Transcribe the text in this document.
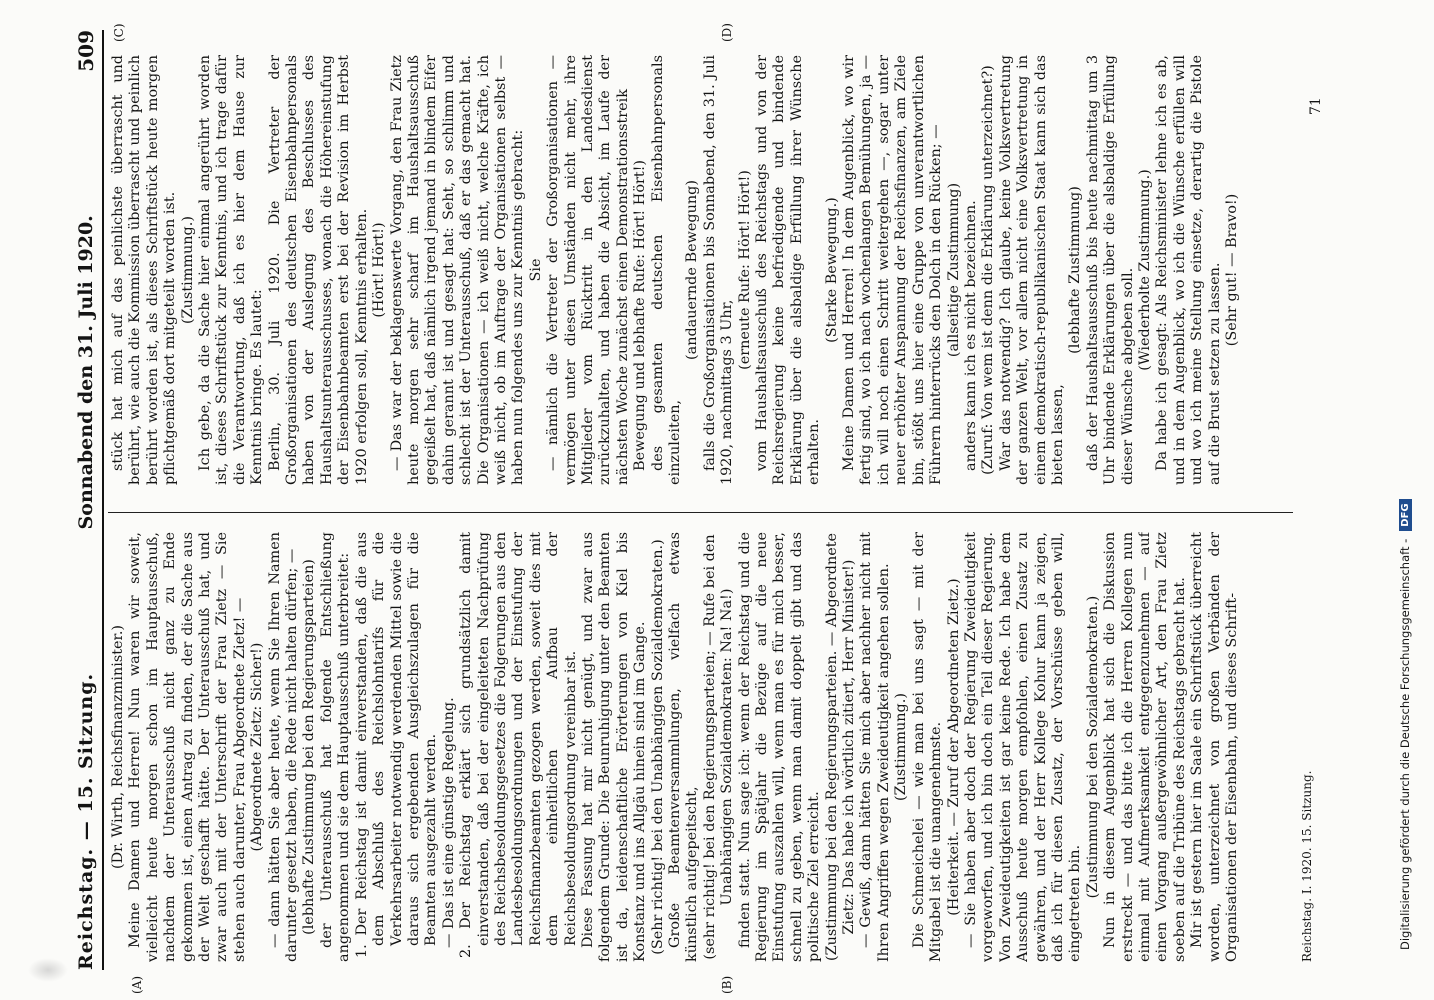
Reichstag. — 15. Sitzung.
Sonnabend den 31. Juli 1920.
509
(A)	(B)
(C)	(D)

(Dr. Wirth, Reichsfinanzminister.) Meine Damen und Herren! Nun waren wir soweit, vielleicht heute morgen schon im Hauptausschuß, nachdem der Unterausschuß nicht ganz zu Ende gekommen ist, einen Antrag zu finden, der die Sache aus der Welt geschafft hätte. Der Unterausschuß hat, und zwar auch mit der Unterschrift der Frau Zietz — Sie stehen auch darunter, Frau Abgeordnete Zietz! — (Abgeordnete Zietz: Sicher!) — dann hätten Sie aber heute, wenn Sie Ihren Namen darunter gesetzt haben, die Rede nicht halten dürfen; — (lebhafte Zustimmung bei den Regierungsparteien) der Unterausschuß hat folgende Entschließung angenommen und sie dem Hauptausschuß unterbreitet: 1. Der Reichstag ist damit einverstanden, daß die aus dem Abschluß des Reichslohntarifs für die Verkehrsarbeiter notwendig werdenden Mittel sowie die daraus sich ergebenden Ausgleichszulagen für die Beamten ausgezahlt werden. — Das ist eine günstige Regelung. 2. Der Reichstag erklärt sich grundsätzlich damit einverstanden, daß bei der eingeleiteten Nachprüfung des Reichsbesoldungsgesetzes die Folgerungen aus den Landesbesoldungsordnungen und der Einstufung der Reichsfinanzbeamten gezogen werden, soweit dies mit dem einheitlichen Aufbau der Reichsbesoldungsordnung vereinbar ist. Diese Fassung hat mir nicht genügt, und zwar aus folgendem Grunde: Die Beunruhigung unter den Beamten ist da, leidenschaftliche Erörterungen von Kiel bis Konstanz und ins Allgäu hinein sind im Gange. (Sehr richtig! bei den Unabhängigen Sozialdemokraten.) Große Beamtenversammlungen, vielfach etwas künstlich aufgepeitscht, (sehr richtig! bei den Regierungsparteien; — Rufe bei den Unabhängigen Sozialdemokraten: Na! Na!) finden statt. Nun sage ich: wenn der Reichstag und die Regierung im Spätjahr die Bezüge auf die neue Einstufung auszahlen will, wenn man es für mich besser, schnell zu geben, wenn man damit doppelt gibt und das politische Ziel erreicht. (Zustimmung bei den Regierungsparteien. — Abgeordnete Zietz: Das habe ich wörtlich zitiert, Herr Minister!) — Gewiß, dann hätten Sie mich aber nachher nicht mit Ihren Angriffen wegen Zweideutigkeit angehen sollen. (Zustimmung.) Die Schmeichelei — wie man bei uns sagt — mit der Mitgabel ist die unangenehmste. (Heiterkeit. — Zuruf der Abgeordneten Zietz.) — Sie haben aber doch der Regierung Zweideutigkeit vorgeworfen, und ich bin doch ein Teil dieser Regierung. Von Zweideutigkeiten ist gar keine Rede. Ich habe dem Ausschuß heute morgen empfohlen, einen Zusatz zu gewähren, und der Herr Kollege Kohur kann ja zeigen, daß ich für diesen Zusatz, der Vorschüsse geben will, eingetreten bin.

(Zustimmung bei den Sozialdemokraten.) Nun in diesem Augenblick hat sich die Diskussion erstreckt — und das bitte ich die Herren Kollegen nun einmal mit Aufmerksamkeit entgegenzunehmen — auf einen Vorgang außergewöhnlicher Art, den Frau Zietz soeben auf die Tribüne des Reichstags gebracht hat. Mir ist gestern hier im Saale ein Schriftstück überreicht worden, unterzeichnet von großen Verbänden der Organisationen der Eisenbahn, und dieses Schrift-

stück hat mich auf das peinlichste überrascht und berührt, wie auch die Kommission überrascht und peinlich berührt worden ist, als dieses Schriftstück heute morgen pflichtgemäß dort mitgeteilt worden ist. (Zustimmung.) Ich gebe, da die Sache hier einmal angerührt worden ist, dieses Schriftstück zur Kenntnis, und ich trage dafür die Verantwortung, daß ich es hier dem Hause zur Kenntnis bringe. Es lautet: Berlin, 30. Juli 1920. Die Vertreter der Großorganisationen des deutschen Eisenbahnpersonals haben von der Auslegung des Beschlusses des Haushaltsunterausschusses, wonach die Höhereinstufung der Eisenbahnbeamten erst bei der Revision im Herbst 1920 erfolgen soll, Kenntnis erhalten. (Hört! Hört!) — Das war der beklagenswerte Vorgang, den Frau Zietz heute morgen sehr scharf im Haushaltsausschuß gegeißelt hat, daß nämlich irgend jemand in blindem Eifer dahin gerannt ist und gesagt hat: Seht, so schlimm und schlecht ist der Unterausschuß, daß er das gemacht hat. Die Organisationen — ich weiß nicht, welche Kräfte, ich weiß nicht, ob im Auftrage der Organisationen selbst — haben nun folgendes uns zur Kenntnis gebracht: Sie — nämlich die Vertreter der Großorganisationen — vermögen unter diesen Umständen nicht mehr, ihre Mitglieder vom Rücktritt in den Landesdienst zurückzuhalten, und haben die Absicht, im Laufe der nächsten Woche zunächst einen Demonstrationsstreik Bewegung und lebhafte Rufe: Hört! Hört!) des gesamten deutschen Eisenbahnpersonals einzuleiten,

(andauernde Bewegung) falls die Großorganisationen bis Sonnabend, den 31. Juli 1920, nachmittags 3 Uhr,

(erneute Rufe: Hört! Hört!) vom Haushaltsausschuß des Reichstags und von der Reichsregierung keine befriedigende und bindende Erklärung über die alsbaldige Erfüllung ihrer Wünsche erhalten.

(Starke Bewegung.) Meine Damen und Herren! In dem Augenblick, wo wir fertig sind, wo ich nach wochenlangen Bemühungen, ja — ich will noch einen Schritt weitergehen —, sogar unter neuer erhöhter Anspannung der Reichsfinanzen, am Ziele bin, stößt uns hier eine Gruppe von unverantwortlichen Führern hinterrücks den Dolch in den Rücken; — (allseitige Zustimmung) anders kann ich es nicht bezeichnen. (Zuruf: Von wem ist denn die Erklärung unterzeichnet?) War das notwendig? Ich glaube, keine Volksvertretung der ganzen Welt, vor allem nicht eine Volksvertretung in einem demokratisch-republikanischen Staat kann sich das bieten lassen,

(lebhafte Zustimmung) daß der Haushaltsausschuß bis heute nachmittag um 3 Uhr bindende Erklärungen über die alsbaldige Erfüllung dieser Wünsche abgeben soll. (Wiederholte Zustimmung.) Da habe ich gesagt: Als Reichsminister lehne ich es ab, und in dem Augenblick, wo ich die Wünsche erfüllen will und wo ich meine Stellung einsetze, derartig die Pistole auf die Brust setzen zu lassen. (Sehr gut! — Bravo!)

Reichstag. I. 1920. 15. Sitzung.
71
Digitalisierung gefördert durch die Deutsche Forschungsgemeinschaft -
DFG
